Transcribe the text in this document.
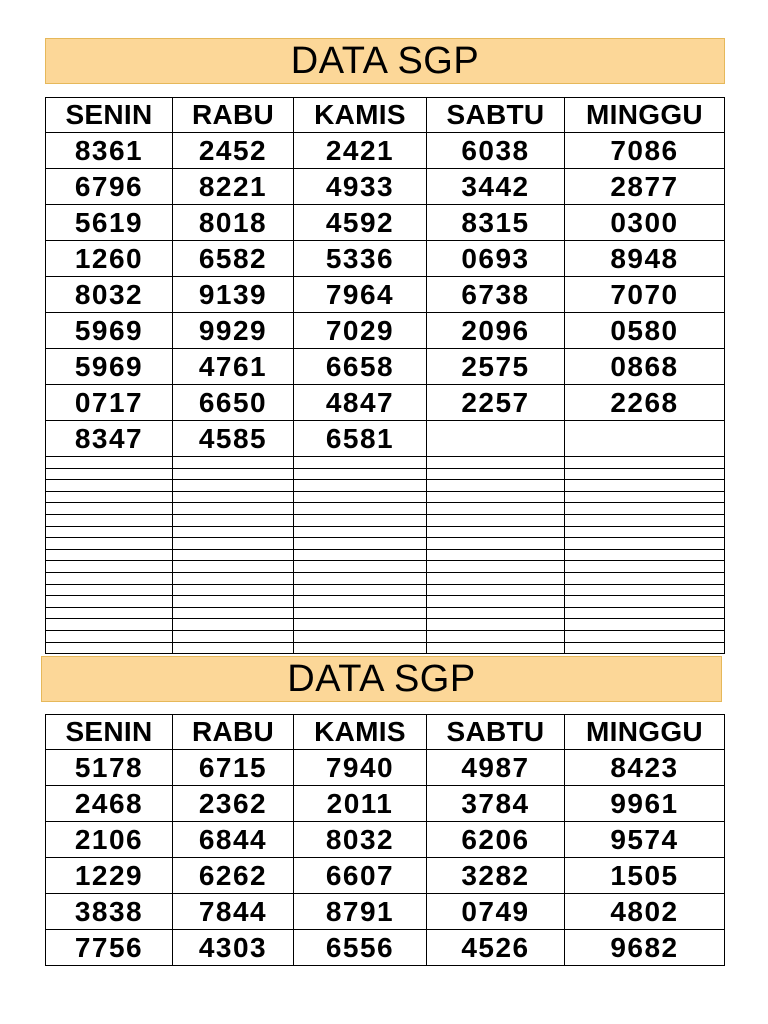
DATA SGP
SENIN	RABU	KAMIS	SABTU	MINGGU
8361	2452	2421	6038	7086
6796	8221	4933	3442	2877
5619	8018	4592	8315	0300
1260	6582	5336	0693	8948
8032	9139	7964	6738	7070
5969	9929	7029	2096	0580
5969	4761	6658	2575	0868
0717	6650	4847	2257	2268
8347	4585	6581		

DATA SGP
SENIN	RABU	KAMIS	SABTU	MINGGU
5178	6715	7940	4987	8423
2468	2362	2011	3784	9961
2106	6844	8032	6206	9574
1229	6262	6607	3282	1505
3838	7844	8791	0749	4802
7756	4303	6556	4526	9682
